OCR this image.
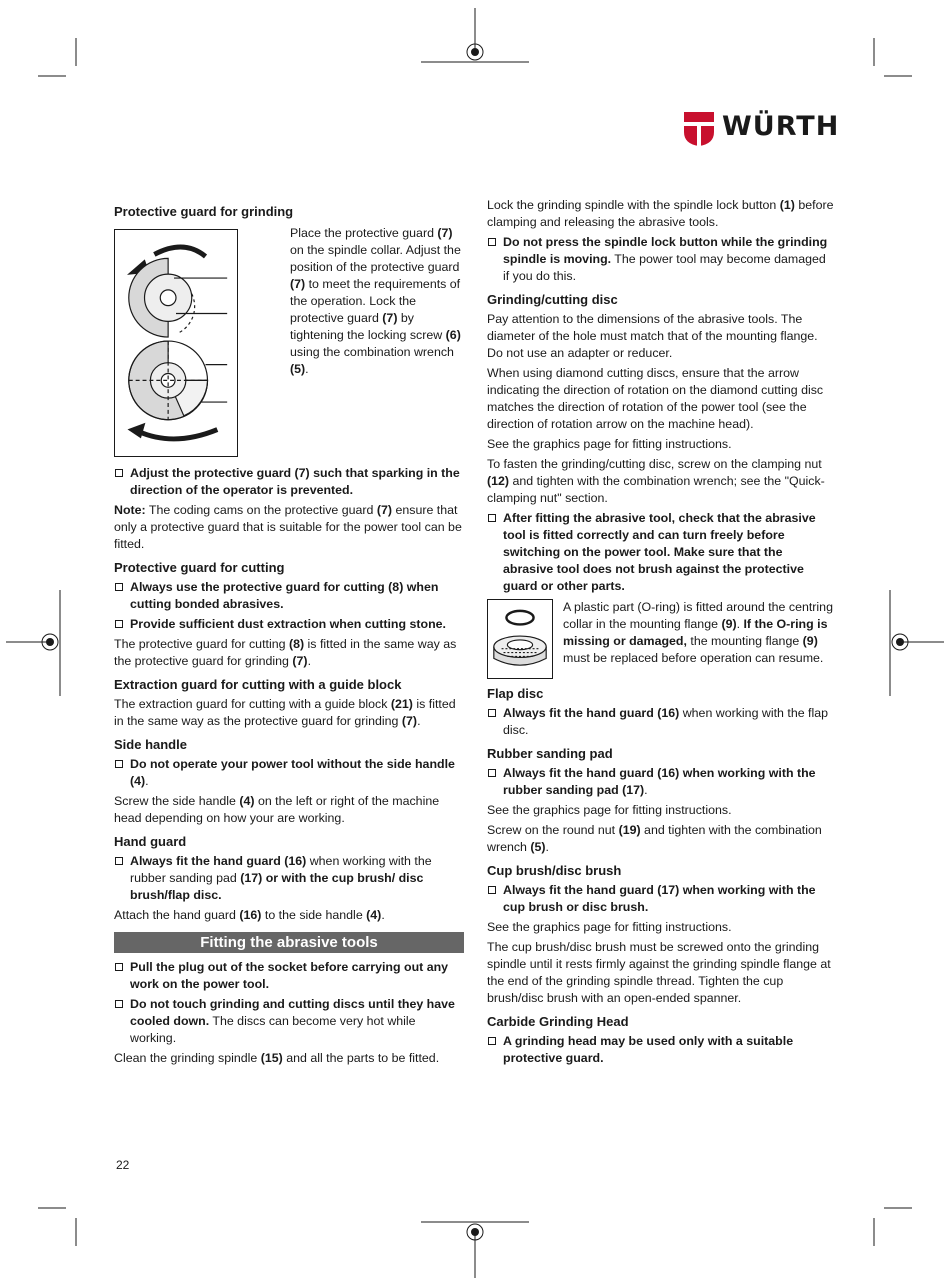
WÜRTH
Protective guard for grinding
Place the protective guard (7) on the spindle collar. Adjust the position of the protective guard (7) to meet the requirements of the operation. Lock the protective guard (7) by tightening the locking screw (6) using the combination wrench (5).
Adjust the protective guard (7) such that sparking in the direction of the operator is prevented.

Note: The coding cams on the protective guard (7) ensure that only a protective guard that is suitable for the power tool can be fitted.

Protective guard for cutting
Always use the protective guard for cutting (8) when cutting bonded abrasives.
Provide sufficient dust extraction when cutting stone.

The protective guard for cutting (8) is fitted in the same way as the protective guard for grinding (7).

Extraction guard for cutting with a guide block

The extraction guard for cutting with a guide block (21) is fitted in the same way as the protective guard for grinding (7).

Side handle
Do not operate your power tool without the side handle (4).

Screw the side handle (4) on the left or right of the machine head depending on how your are working.

Hand guard
Always fit the hand guard (16) when working with the rubber sanding pad (17) or with the cup brush/ disc brush/flap disc.

Attach the hand guard (16) to the side handle (4).

Fitting the abrasive tools
Pull the plug out of the socket before carrying out any work on the power tool.
Do not touch grinding and cutting discs until they have cooled down. The discs can become very hot while working.

Clean the grinding spindle (15) and all the parts to be fitted.

Lock the grinding spindle with the spindle lock button (1) before clamping and releasing the abrasive tools.

Do not press the spindle lock button while the grinding spindle is moving. The power tool may become damaged if you do this.
Grinding/cutting disc

Pay attention to the dimensions of the abrasive tools. The diameter of the hole must match that of the mounting flange. Do not use an adapter or reducer.

When using diamond cutting discs, ensure that the arrow indicating the direction of rotation on the diamond cutting disc matches the direction of rotation of the power tool (see the direction of rotation arrow on the machine head).

See the graphics page for fitting instructions.

To fasten the grinding/cutting disc, screw on the clamping nut (12) and tighten with the combination wrench; see the "Quick-clamping nut" section.

After fitting the abrasive tool, check that the abrasive tool is fitted correctly and can turn freely before switching on the power tool. Make sure that the abrasive tool does not brush against the protective guard or other parts.
A plastic part (O-ring) is fitted around the centring collar in the mounting flange (9). If the O-ring is missing or damaged, the mounting flange (9) must be replaced before operation can resume.
Flap disc
Always fit the hand guard (16) when working with the flap disc.
Rubber sanding pad
Always fit the hand guard (16) when working with the rubber sanding pad (17).

See the graphics page for fitting instructions.

Screw on the round nut (19) and tighten with the combination wrench (5).

Cup brush/disc brush
Always fit the hand guard (17) when working with the cup brush or disc brush.

See the graphics page for fitting instructions.

The cup brush/disc brush must be screwed onto the grinding spindle until it rests firmly against the grinding spindle flange at the end of the grinding spindle thread. Tighten the cup brush/disc brush with an open-ended spanner.

Carbide Grinding Head
A grinding head may be used only with a suitable protective guard.
22
